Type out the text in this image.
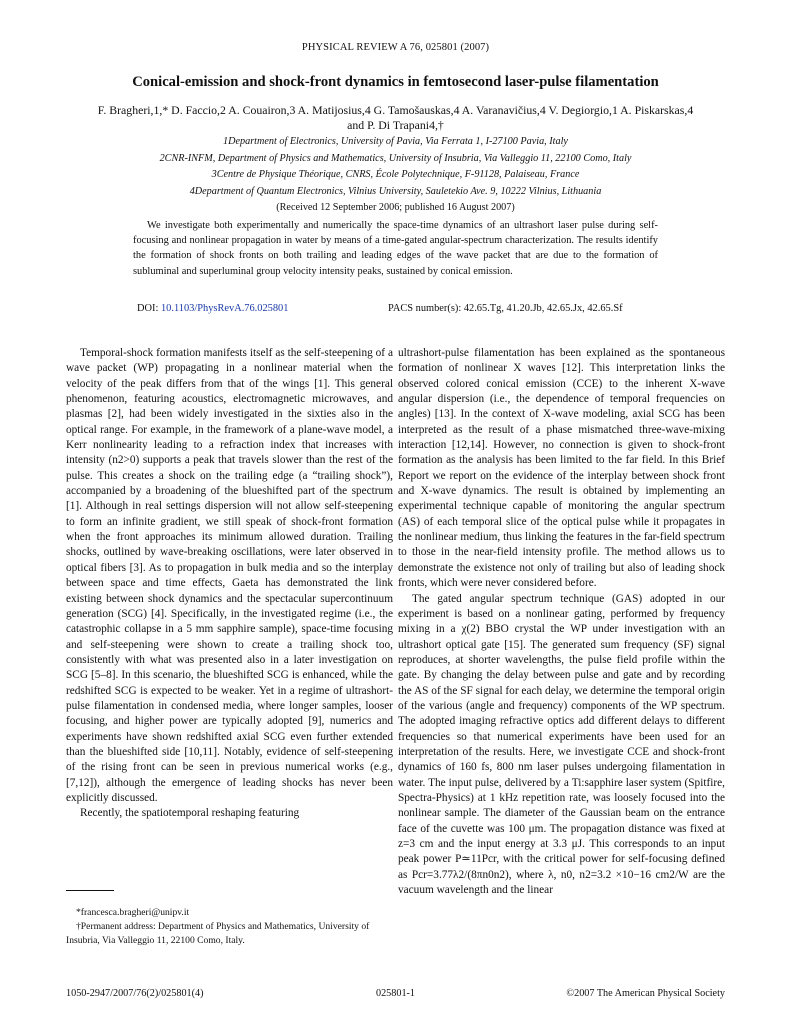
PHYSICAL REVIEW A 76, 025801 (2007)
Conical-emission and shock-front dynamics in femtosecond laser-pulse filamentation
F. Bragheri,1,* D. Faccio,2 A. Couairon,3 A. Matijosius,4 G. Tamošauskas,4 A. Varanavičius,4 V. Degiorgio,1 A. Piskarskas,4
and P. Di Trapani4,†
1Department of Electronics, University of Pavia, Via Ferrata 1, I-27100 Pavia, Italy
2CNR-INFM, Department of Physics and Mathematics, University of Insubria, Via Valleggio 11, 22100 Como, Italy
3Centre de Physique Théorique, CNRS, École Polytechnique, F-91128, Palaiseau, France
4Department of Quantum Electronics, Vilnius University, Sauletekio Ave. 9, 10222 Vilnius, Lithuania
(Received 12 September 2006; published 16 August 2007)
We investigate both experimentally and numerically the space-time dynamics of an ultrashort laser pulse during self-focusing and nonlinear propagation in water by means of a time-gated angular-spectrum characterization. The results identify the formation of shock fronts on both trailing and leading edges of the wave packet that are due to the formation of subluminal and superluminal group velocity intensity peaks, sustained by conical emission.
DOI: 10.1103/PhysRevA.76.025801	PACS number(s): 42.65.Tg, 41.20.Jb, 42.65.Jx, 42.65.Sf

Temporal-shock formation manifests itself as the self-steepening of a wave packet (WP) propagating in a nonlinear material when the velocity of the peak differs from that of the wings [1]. This general phenomenon, featuring acoustics, electromagnetic microwaves, and plasmas [2], had been widely investigated in the sixties also in the optical range. For example, in the framework of a plane-wave model, a Kerr nonlinearity leading to a refraction index that increases with intensity (n2>0) supports a peak that travels slower than the rest of the pulse. This creates a shock on the trailing edge (a “trailing shock”), accompanied by a broadening of the blueshifted part of the spectrum [1]. Although in real settings dispersion will not allow self-steepening to form an infinite gradient, we still speak of shock-front formation when the front approaches its minimum allowed duration. Trailing shocks, outlined by wave-breaking oscillations, were later observed in optical fibers [3]. As to propagation in bulk media and so the interplay between space and time effects, Gaeta has demonstrated the link existing between shock dynamics and the spectacular supercontinuum generation (SCG) [4]. Specifically, in the investigated regime (i.e., the catastrophic collapse in a 5 mm sapphire sample), space-time focusing and self-steepening were shown to create a trailing shock too, consistently with what was presented also in a later investigation on SCG [5–8]. In this scenario, the blueshifted SCG is enhanced, while the redshifted SCG is expected to be weaker. Yet in a regime of ultrashort-pulse filamentation in condensed media, where longer samples, looser focusing, and higher power are typically adopted [9], numerics and experiments have shown redshifted axial SCG even further extended than the blueshifted side [10,11]. Notably, evidence of self-steepening of the rising front can be seen in previous numerical works (e.g., [7,12]), although the emergence of leading shocks has never been explicitly discussed.

Recently, the spatiotemporal reshaping featuring

ultrashort-pulse filamentation has been explained as the spontaneous formation of nonlinear X waves [12]. This interpretation links the observed colored conical emission (CCE) to the inherent X-wave angular dispersion (i.e., the dependence of temporal frequencies on angles) [13]. In the context of X-wave modeling, axial SCG has been interpreted as the result of a phase mismatched three-wave-mixing interaction [12,14]. However, no connection is given to shock-front formation as the analysis has been limited to the far field. In this Brief Report we report on the evidence of the interplay between shock front and X-wave dynamics. The result is obtained by implementing an experimental technique capable of monitoring the angular spectrum (AS) of each temporal slice of the optical pulse while it propagates in the nonlinear medium, thus linking the features in the far-field spectrum to those in the near-field intensity profile. The method allows us to demonstrate the existence not only of trailing but also of leading shock fronts, which were never considered before.

The gated angular spectrum technique (GAS) adopted in our experiment is based on a nonlinear gating, performed by frequency mixing in a χ(2) BBO crystal the WP under investigation with an ultrashort optical gate [15]. The generated sum frequency (SF) signal reproduces, at shorter wavelengths, the pulse field profile within the gate. By changing the delay between pulse and gate and by recording the AS of the SF signal for each delay, we determine the temporal origin of the various (angle and frequency) components of the WP spectrum. The adopted imaging refractive optics add different delays to different frequencies so that numerical experiments have been used for an interpretation of the results. Here, we investigate CCE and shock-front dynamics of 160 fs, 800 nm laser pulses undergoing filamentation in water. The input pulse, delivered by a Ti:sapphire laser system (Spitfire, Spectra-Physics) at 1 kHz repetition rate, was loosely focused into the nonlinear sample. The diameter of the Gaussian beam on the entrance face of the cuvette was 100 μm. The propagation distance was fixed at z=3 cm and the input energy at 3.3 μJ. This corresponds to an input peak power P≃11Pcr, with the critical power for self-focusing defined as Pcr=3.77λ2/(8πn0n2), where λ, n0, n2=3.2 ×10−16 cm2/W are the vacuum wavelength and the linear

*francesca.bragheri@unipv.it
†Permanent address: Department of Physics and Mathematics, University of Insubria, Via Valleggio 11, 22100 Como, Italy.
1050-2947/2007/76(2)/025801(4)	025801-1	©2007 The American Physical Society
